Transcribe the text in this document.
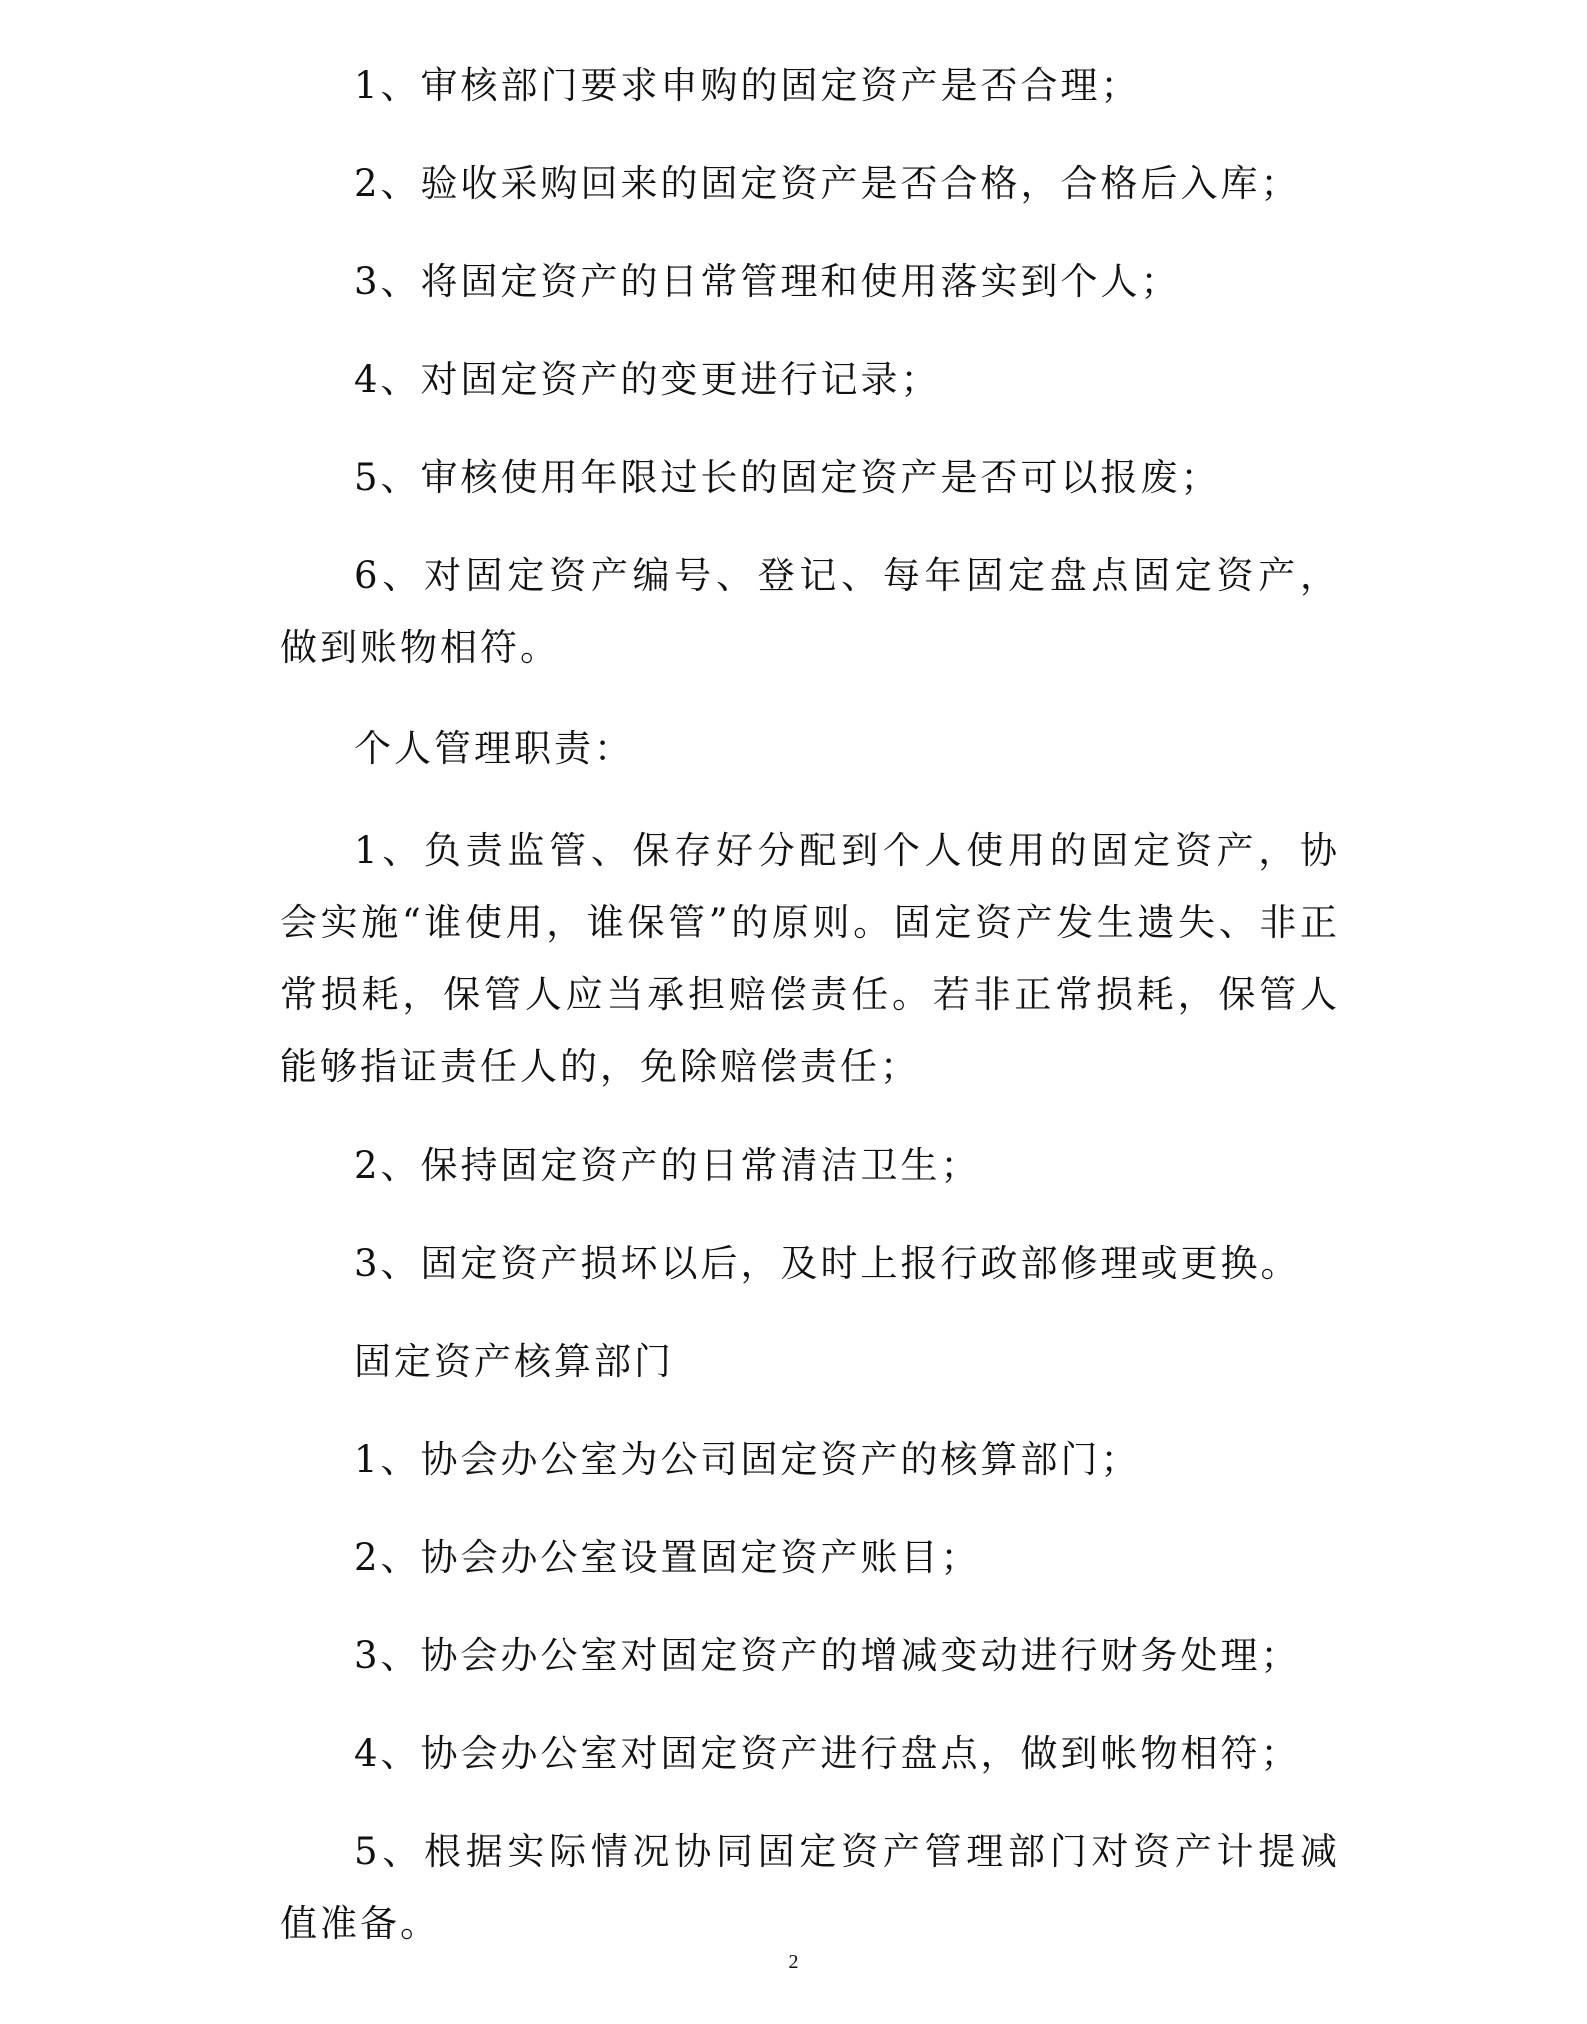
1、审核部门要求申购的固定资产是否合理；

2、验收采购回来的固定资产是否合格，合格后入库；

3、将固定资产的日常管理和使用落实到个人；

4、对固定资产的变更进行记录；

5、审核使用年限过长的固定资产是否可以报废；

6、对固定资产编号、登记、每年固定盘点固定资产，做到账物相符。

个人管理职责：

1、负责监管、保存好分配到个人使用的固定资产，协会实施“谁使用，谁保管”的原则。固定资产发生遗失、非正常损耗，保管人应当承担赔偿责任。若非正常损耗，保管人能够指证责任人的，免除赔偿责任；

2、保持固定资产的日常清洁卫生；

3、固定资产损坏以后，及时上报行政部修理或更换。

固定资产核算部门

1、协会办公室为公司固定资产的核算部门；

2、协会办公室设置固定资产账目；

3、协会办公室对固定资产的增减变动进行财务处理；

4、协会办公室对固定资产进行盘点，做到帐物相符；

5、根据实际情况协同固定资产管理部门对资产计提减值准备。

2
